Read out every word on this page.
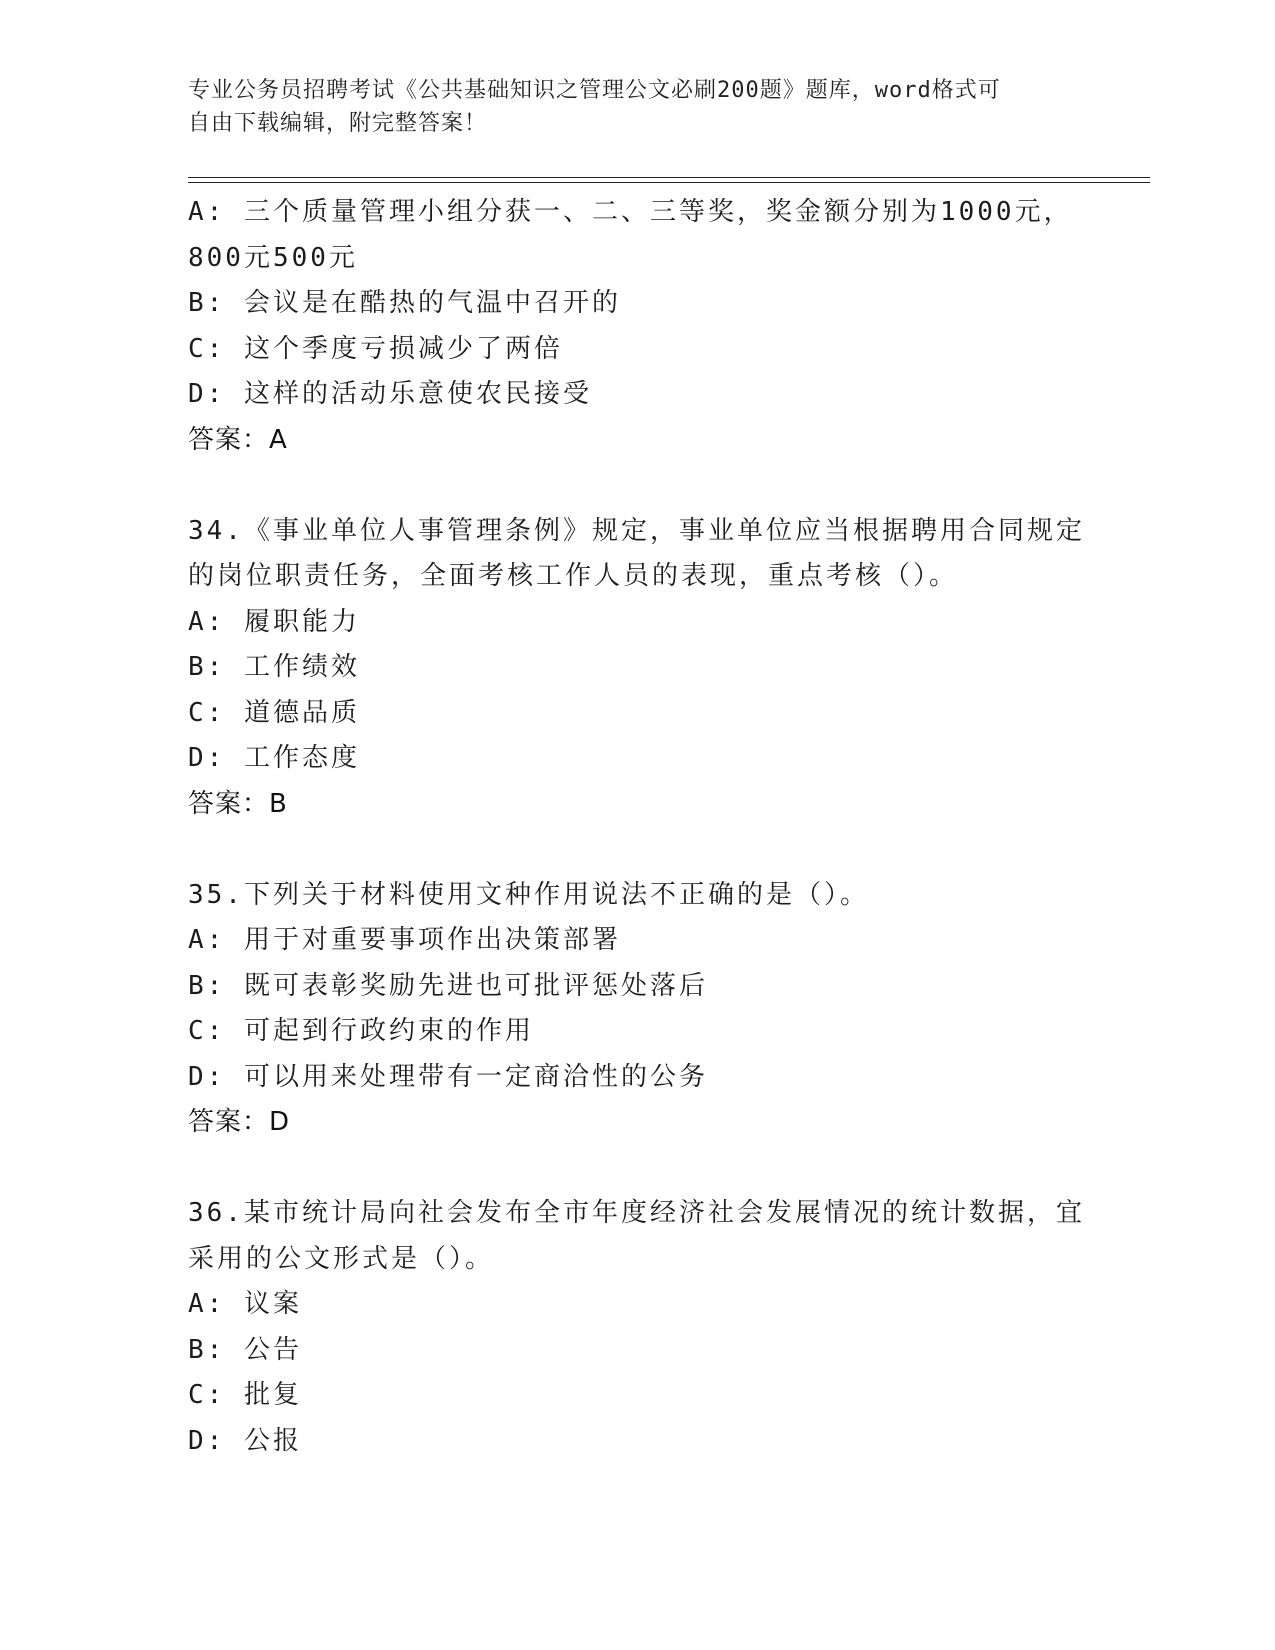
专业公务员招聘考试《公共基础知识之管理公文必刷200题》题库，word格式可
自由下载编辑，附完整答案！
A: 三个质量管理小组分获一、二、三等奖，奖金额分别为1000元，
800元500元
B: 会议是在酷热的气温中召开的
C: 这个季度亏损减少了两倍
D: 这样的活动乐意使农民接受
答案：A
34.《事业单位人事管理条例》规定，事业单位应当根据聘用合同规定
的岗位职责任务，全面考核工作人员的表现，重点考核（）。
A: 履职能力
B: 工作绩效
C: 道德品质
D: 工作态度
答案：B
35.下列关于材料使用文种作用说法不正确的是（）。
A: 用于对重要事项作出决策部署
B: 既可表彰奖励先进也可批评惩处落后
C: 可起到行政约束的作用
D: 可以用来处理带有一定商洽性的公务
答案：D
36.某市统计局向社会发布全市年度经济社会发展情况的统计数据，宜
采用的公文形式是（）。
A: 议案
B: 公告
C: 批复
D: 公报
